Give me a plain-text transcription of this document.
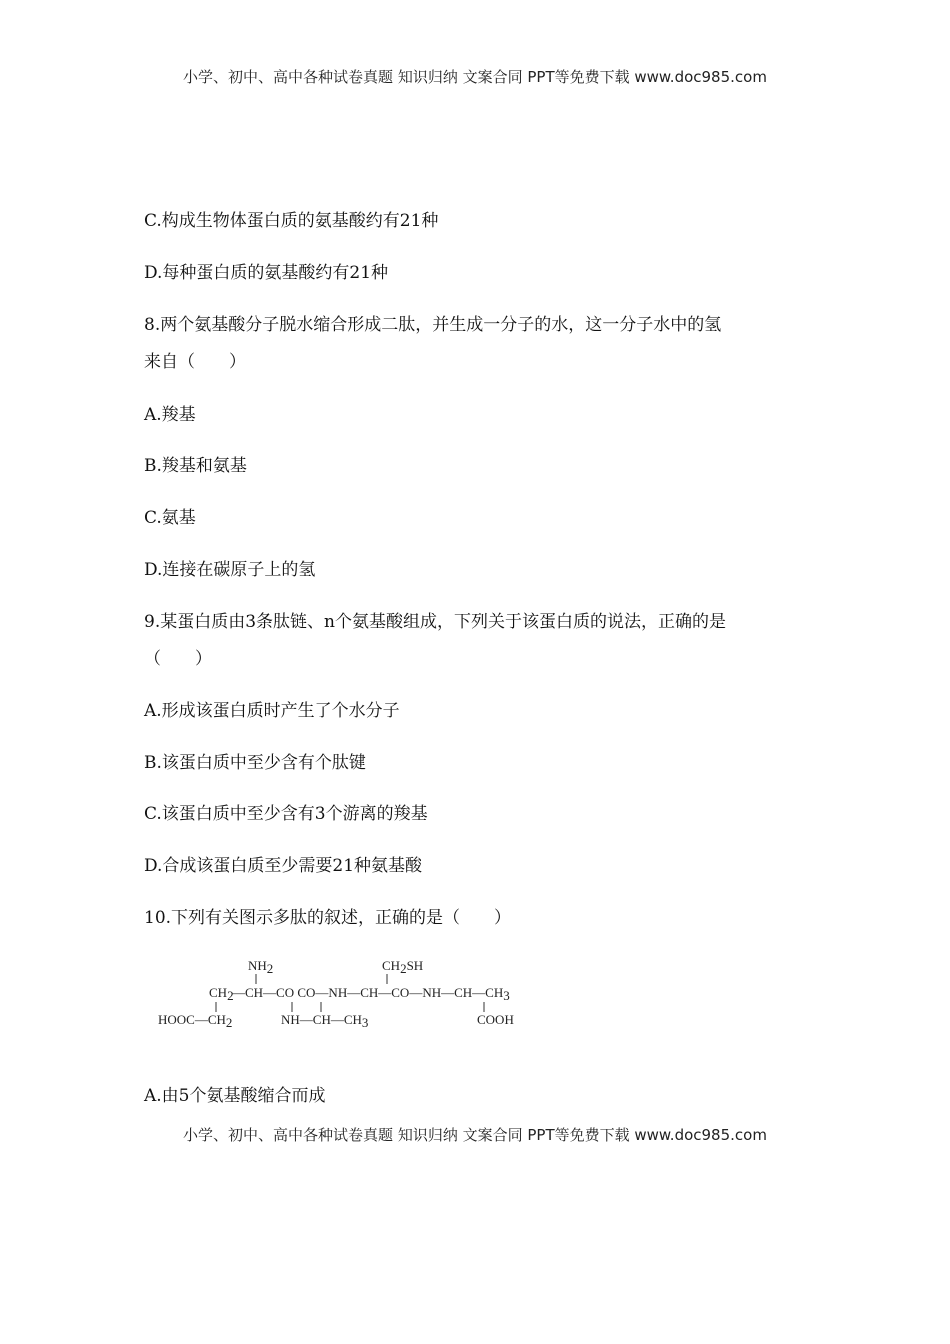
小学、初中、高中各种试卷真题 知识归纳 文案合同 PPT等免费下载 www.doc985.com
C.构成生物体蛋白质的氨基酸约有21种
D.每种蛋白质的氨基酸约有21种
8.两个氨基酸分子脱水缩合形成二肽，并生成一分子的水，这一分子水中的氢
来自（　　）
A.羧基
B.羧基和氨基
C.氨基
D.连接在碳原子上的氢
9.某蛋白质由3条肽链、n个氨基酸组成，下列关于该蛋白质的说法，正确的是
（　　）
A.形成该蛋白质时产生了个水分子
B.该蛋白质中至少含有个肽键
C.该蛋白质中至少含有3个游离的羧基
D.合成该蛋白质至少需要21种氨基酸
10.下列有关图示多肽的叙述，正确的是（　　）
NH2	CH2SH
CH2
—CH—CO CO—NH—CH—CO—NH—CH—CH3
HOOC—CH2	NH—CH—CH3	COOH
A.由5个氨基酸缩合而成
小学、初中、高中各种试卷真题 知识归纳 文案合同 PPT等免费下载 www.doc985.com
